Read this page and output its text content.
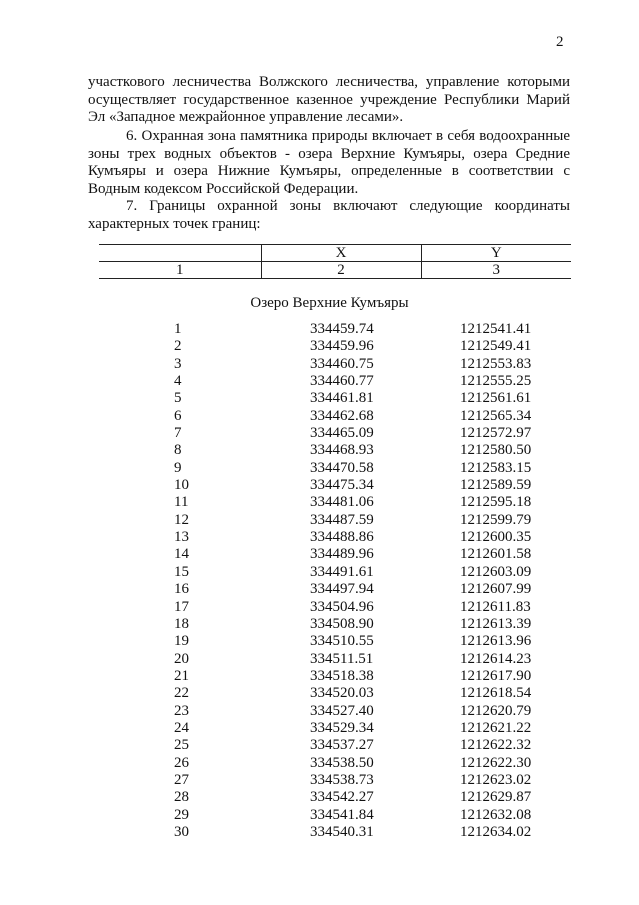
2

участкового лесничества Волжского лесничества, управление которыми осуществляет государственное казенное учреждение Республики Марий Эл «Западное межрайонное управление лесами».

6. Охранная зона памятника природы включает в себя водоохранные зоны трех водных объектов - озера Верхние Кумъяры, озера Средние Кумъяры и озера Нижние Кумъяры, определенные в соответствии с Водным кодексом Российской Федерации.

7. Границы охранной зоны включают следующие координаты характерных точек границ:

	X	Y
1	2	3
Озеро Верхние Кумъяры
1	334459.74	1212541.41
2	334459.96	1212549.41
3	334460.75	1212553.83
4	334460.77	1212555.25
5	334461.81	1212561.61
6	334462.68	1212565.34
7	334465.09	1212572.97
8	334468.93	1212580.50
9	334470.58	1212583.15
10	334475.34	1212589.59
11	334481.06	1212595.18
12	334487.59	1212599.79
13	334488.86	1212600.35
14	334489.96	1212601.58
15	334491.61	1212603.09
16	334497.94	1212607.99
17	334504.96	1212611.83
18	334508.90	1212613.39
19	334510.55	1212613.96
20	334511.51	1212614.23
21	334518.38	1212617.90
22	334520.03	1212618.54
23	334527.40	1212620.79
24	334529.34	1212621.22
25	334537.27	1212622.32
26	334538.50	1212622.30
27	334538.73	1212623.02
28	334542.27	1212629.87
29	334541.84	1212632.08
30	334540.31	1212634.02
